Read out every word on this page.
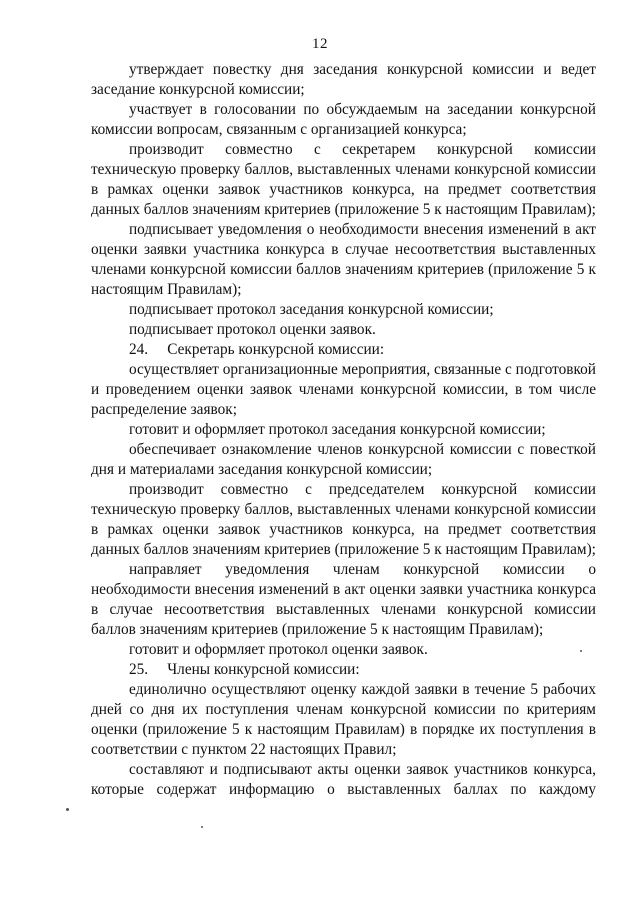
12

утверждает повестку дня заседания конкурсной комиссии и ведет заседание конкурсной комиссии;

участвует в голосовании по обсуждаемым на заседании конкурсной комиссии вопросам, связанным с организацией конкурса;

производит совместно с секретарем конкурсной комиссии техническую проверку баллов, выставленных членами конкурсной комиссии в рамках оценки заявок участников конкурса, на предмет соответствия данных баллов значениям критериев (приложение 5 к настоящим Правилам);

подписывает уведомления о необходимости внесения изменений в акт оценки заявки участника конкурса в случае несоответствия выставленных членами конкурсной комиссии баллов значениям критериев (приложение 5 к настоящим Правилам);

подписывает протокол заседания конкурсной комиссии;

подписывает протокол оценки заявок.

24.     Секретарь конкурсной комиссии:

осуществляет организационные мероприятия, связанные с подготовкой и проведением оценки заявок членами конкурсной комиссии, в том числе распределение заявок;

готовит и оформляет протокол заседания конкурсной комиссии;

обеспечивает ознакомление членов конкурсной комиссии с повесткой дня и материалами заседания конкурсной комиссии;

производит совместно с председателем конкурсной комиссии техническую проверку баллов, выставленных членами конкурсной комиссии в рамках оценки заявок участников конкурса, на предмет соответствия данных баллов значениям критериев (приложение 5 к настоящим Правилам);

направляет уведомления членам конкурсной комиссии о необходимости внесения изменений в акт оценки заявки участника конкурса в случае несоответствия выставленных членами конкурсной комиссии баллов значениям критериев (приложение 5 к настоящим Правилам);

готовит и оформляет протокол оценки заявок.

25.     Члены конкурсной комиссии:

единолично осуществляют оценку каждой заявки в течение 5 рабочих дней со дня их поступления членам конкурсной комиссии по критериям оценки (приложение 5 к настоящим Правилам) в порядке их поступления в соответствии с пунктом 22 настоящих Правил;

составляют и подписывают акты оценки заявок участников конкурса, которые содержат информацию о выставленных баллах по каждому
